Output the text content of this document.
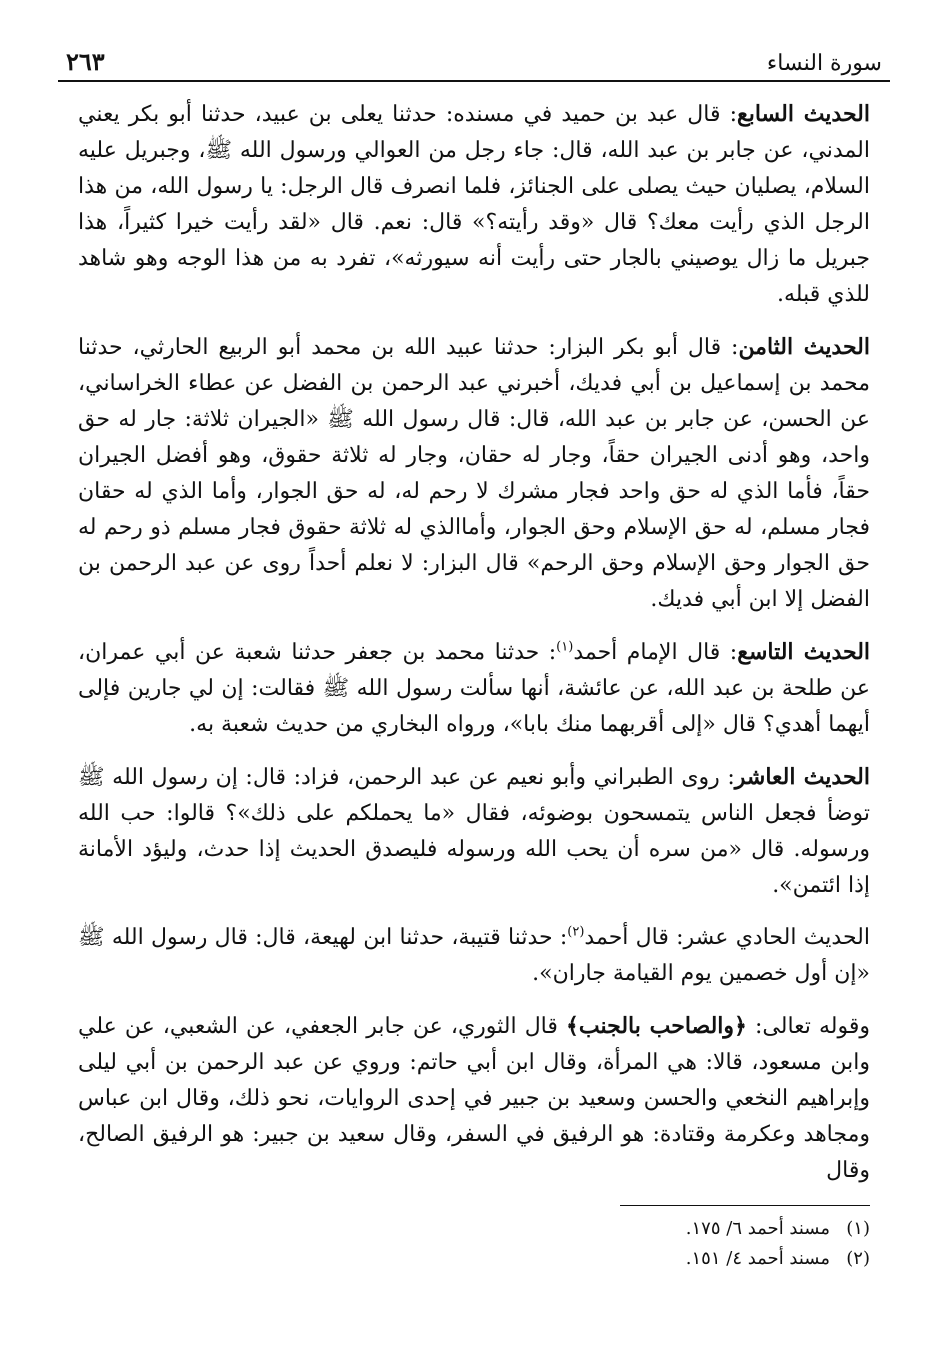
سورة النساء
٢٦٣

الحديث السابع: قال عبد بن حميد في مسنده: حدثنا يعلى بن عبيد، حدثنا أبو بكر يعني المدني، عن جابر بن عبد الله، قال: جاء رجل من العوالي ورسول الله ﷺ، وجبريل عليه السلام، يصليان حيث يصلى على الجنائز، فلما انصرف قال الرجل: يا رسول الله، من هذا الرجل الذي رأيت معك؟ قال «وقد رأيته؟» قال: نعم. قال «لقد رأيت خيرا كثيراً، هذا جبريل ما زال يوصيني بالجار حتى رأيت أنه سيورثه»، تفرد به من هذا الوجه وهو شاهد للذي قبله.

الحديث الثامن: قال أبو بكر البزار: حدثنا عبيد الله بن محمد أبو الربيع الحارثي، حدثنا محمد بن إسماعيل بن أبي فديك، أخبرني عبد الرحمن بن الفضل عن عطاء الخراساني، عن الحسن، عن جابر بن عبد الله، قال: قال رسول الله ﷺ «الجيران ثلاثة: جار له حق واحد، وهو أدنى الجيران حقاً، وجار له حقان، وجار له ثلاثة حقوق، وهو أفضل الجيران حقاً، فأما الذي له حق واحد فجار مشرك لا رحم له، له حق الجوار، وأما الذي له حقان فجار مسلم، له حق الإسلام وحق الجوار، وأماالذي له ثلاثة حقوق فجار مسلم ذو رحم له حق الجوار وحق الإسلام وحق الرحم» قال البزار: لا نعلم أحداً روى عن عبد الرحمن بن الفضل إلا ابن أبي فديك.

الحديث التاسع: قال الإمام أحمد$^{(١)}$: حدثنا محمد بن جعفر حدثنا شعبة عن أبي عمران، عن طلحة بن عبد الله، عن عائشة، أنها سألت رسول الله ﷺ فقالت: إن لي جارين فإلى أيهما أهدي؟ قال «إلى أقربهما منك بابا»، ورواه البخاري من حديث شعبة به.

الحديث العاشر: روى الطبراني وأبو نعيم عن عبد الرحمن، فزاد: قال: إن رسول الله ﷺ توضأ فجعل الناس يتمسحون بوضوئه، فقال «ما يحملكم على ذلك»؟ قالوا: حب الله ورسوله. قال «من سره أن يحب الله ورسوله فليصدق الحديث إذا حدث، وليؤد الأمانة إذا ائتمن».

الحديث الحادي عشر: قال أحمد$^{(٢)}$: حدثنا قتيبة، حدثنا ابن لهيعة، قال: قال رسول الله ﷺ «إن أول خصمين يوم القيامة جاران».

وقوله تعالى: ﴿والصاحب بالجنب﴾ قال الثوري، عن جابر الجعفي، عن الشعبي، عن علي وابن مسعود، قالا: هي المرأة، وقال ابن أبي حاتم: وروي عن عبد الرحمن بن أبي ليلى وإبراهيم النخعي والحسن وسعيد بن جبير في إحدى الروايات، نحو ذلك، وقال ابن عباس ومجاهد وعكرمة وقتادة: هو الرفيق في السفر، وقال سعيد بن جبير: هو الرفيق الصالح، وقال

(١)مسند أحمد ٦/ ١٧٥.
(٢)مسند أحمد ٤/ ١٥١.
